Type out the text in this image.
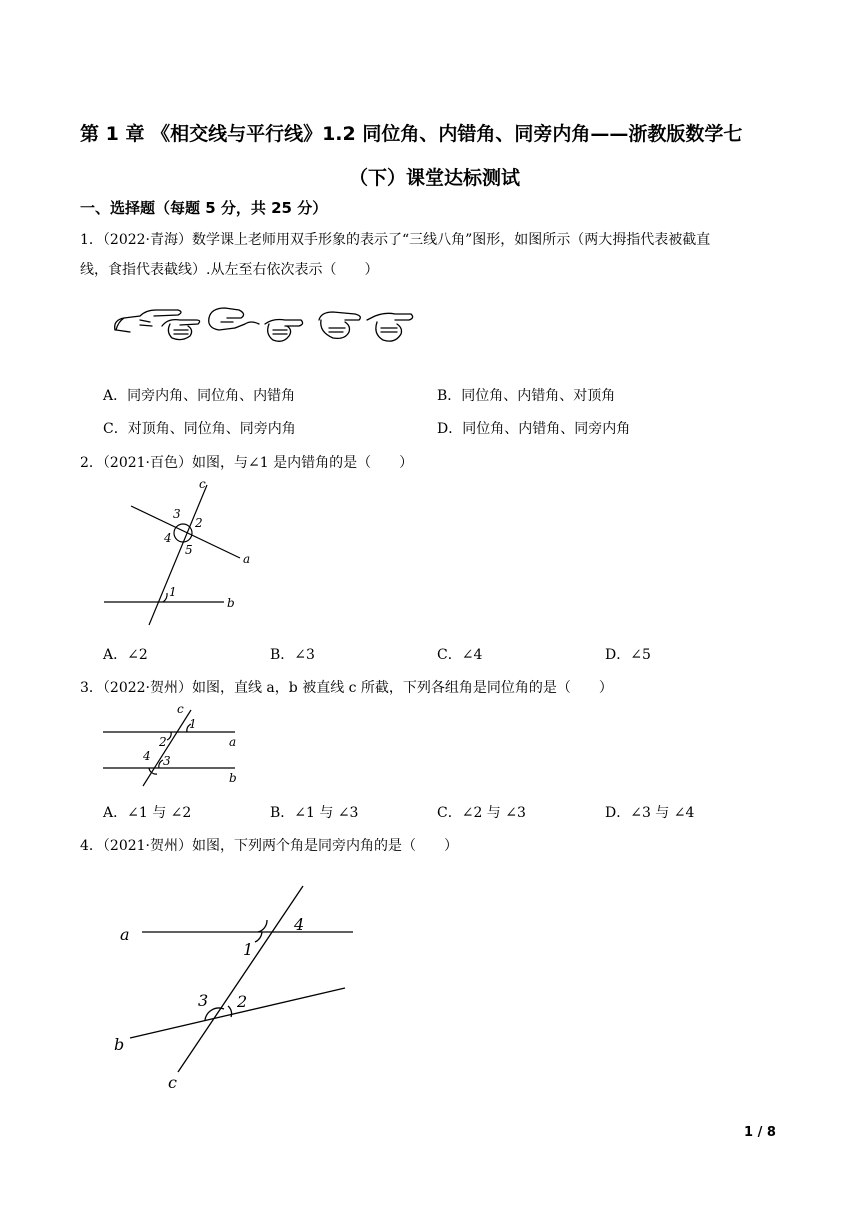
第 1 章 《相交线与平行线》1.2 同位角、内错角、同旁内角——浙教版数学七
（下）课堂达标测试
一、选择题（每题 5 分，共 25 分）
1．（2022·青海）数学课上老师用双手形象的表示了“三线八角”图形，如图所示（两大拇指代表被截直
线，食指代表截线）.从左至右依次表示（　　）
A．同旁内角、同位角、内错角	B．同位角、内错角、对顶角
C．对顶角、同位角、同旁内角	D．同位角、内错角、同旁内角
2．（2021·百色）如图，与∠1 是内错角的是（　　）
c
3
2
4
5
a
1
b
A．∠2	B．∠3	C．∠4	D．∠5
3．（2022·贺州）如图，直线 a，b 被直线 c 所截，下列各组角是同位角的是（　　）
c
1
2	a
4 3
b
A．∠1 与 ∠2	B．∠1 与 ∠3	C．∠2 与 ∠3	D．∠3 与 ∠4
4．（2021·贺州）如图，下列两个角是同旁内角的是（　　）
a
4
1
3 2
b
c
1 / 8
